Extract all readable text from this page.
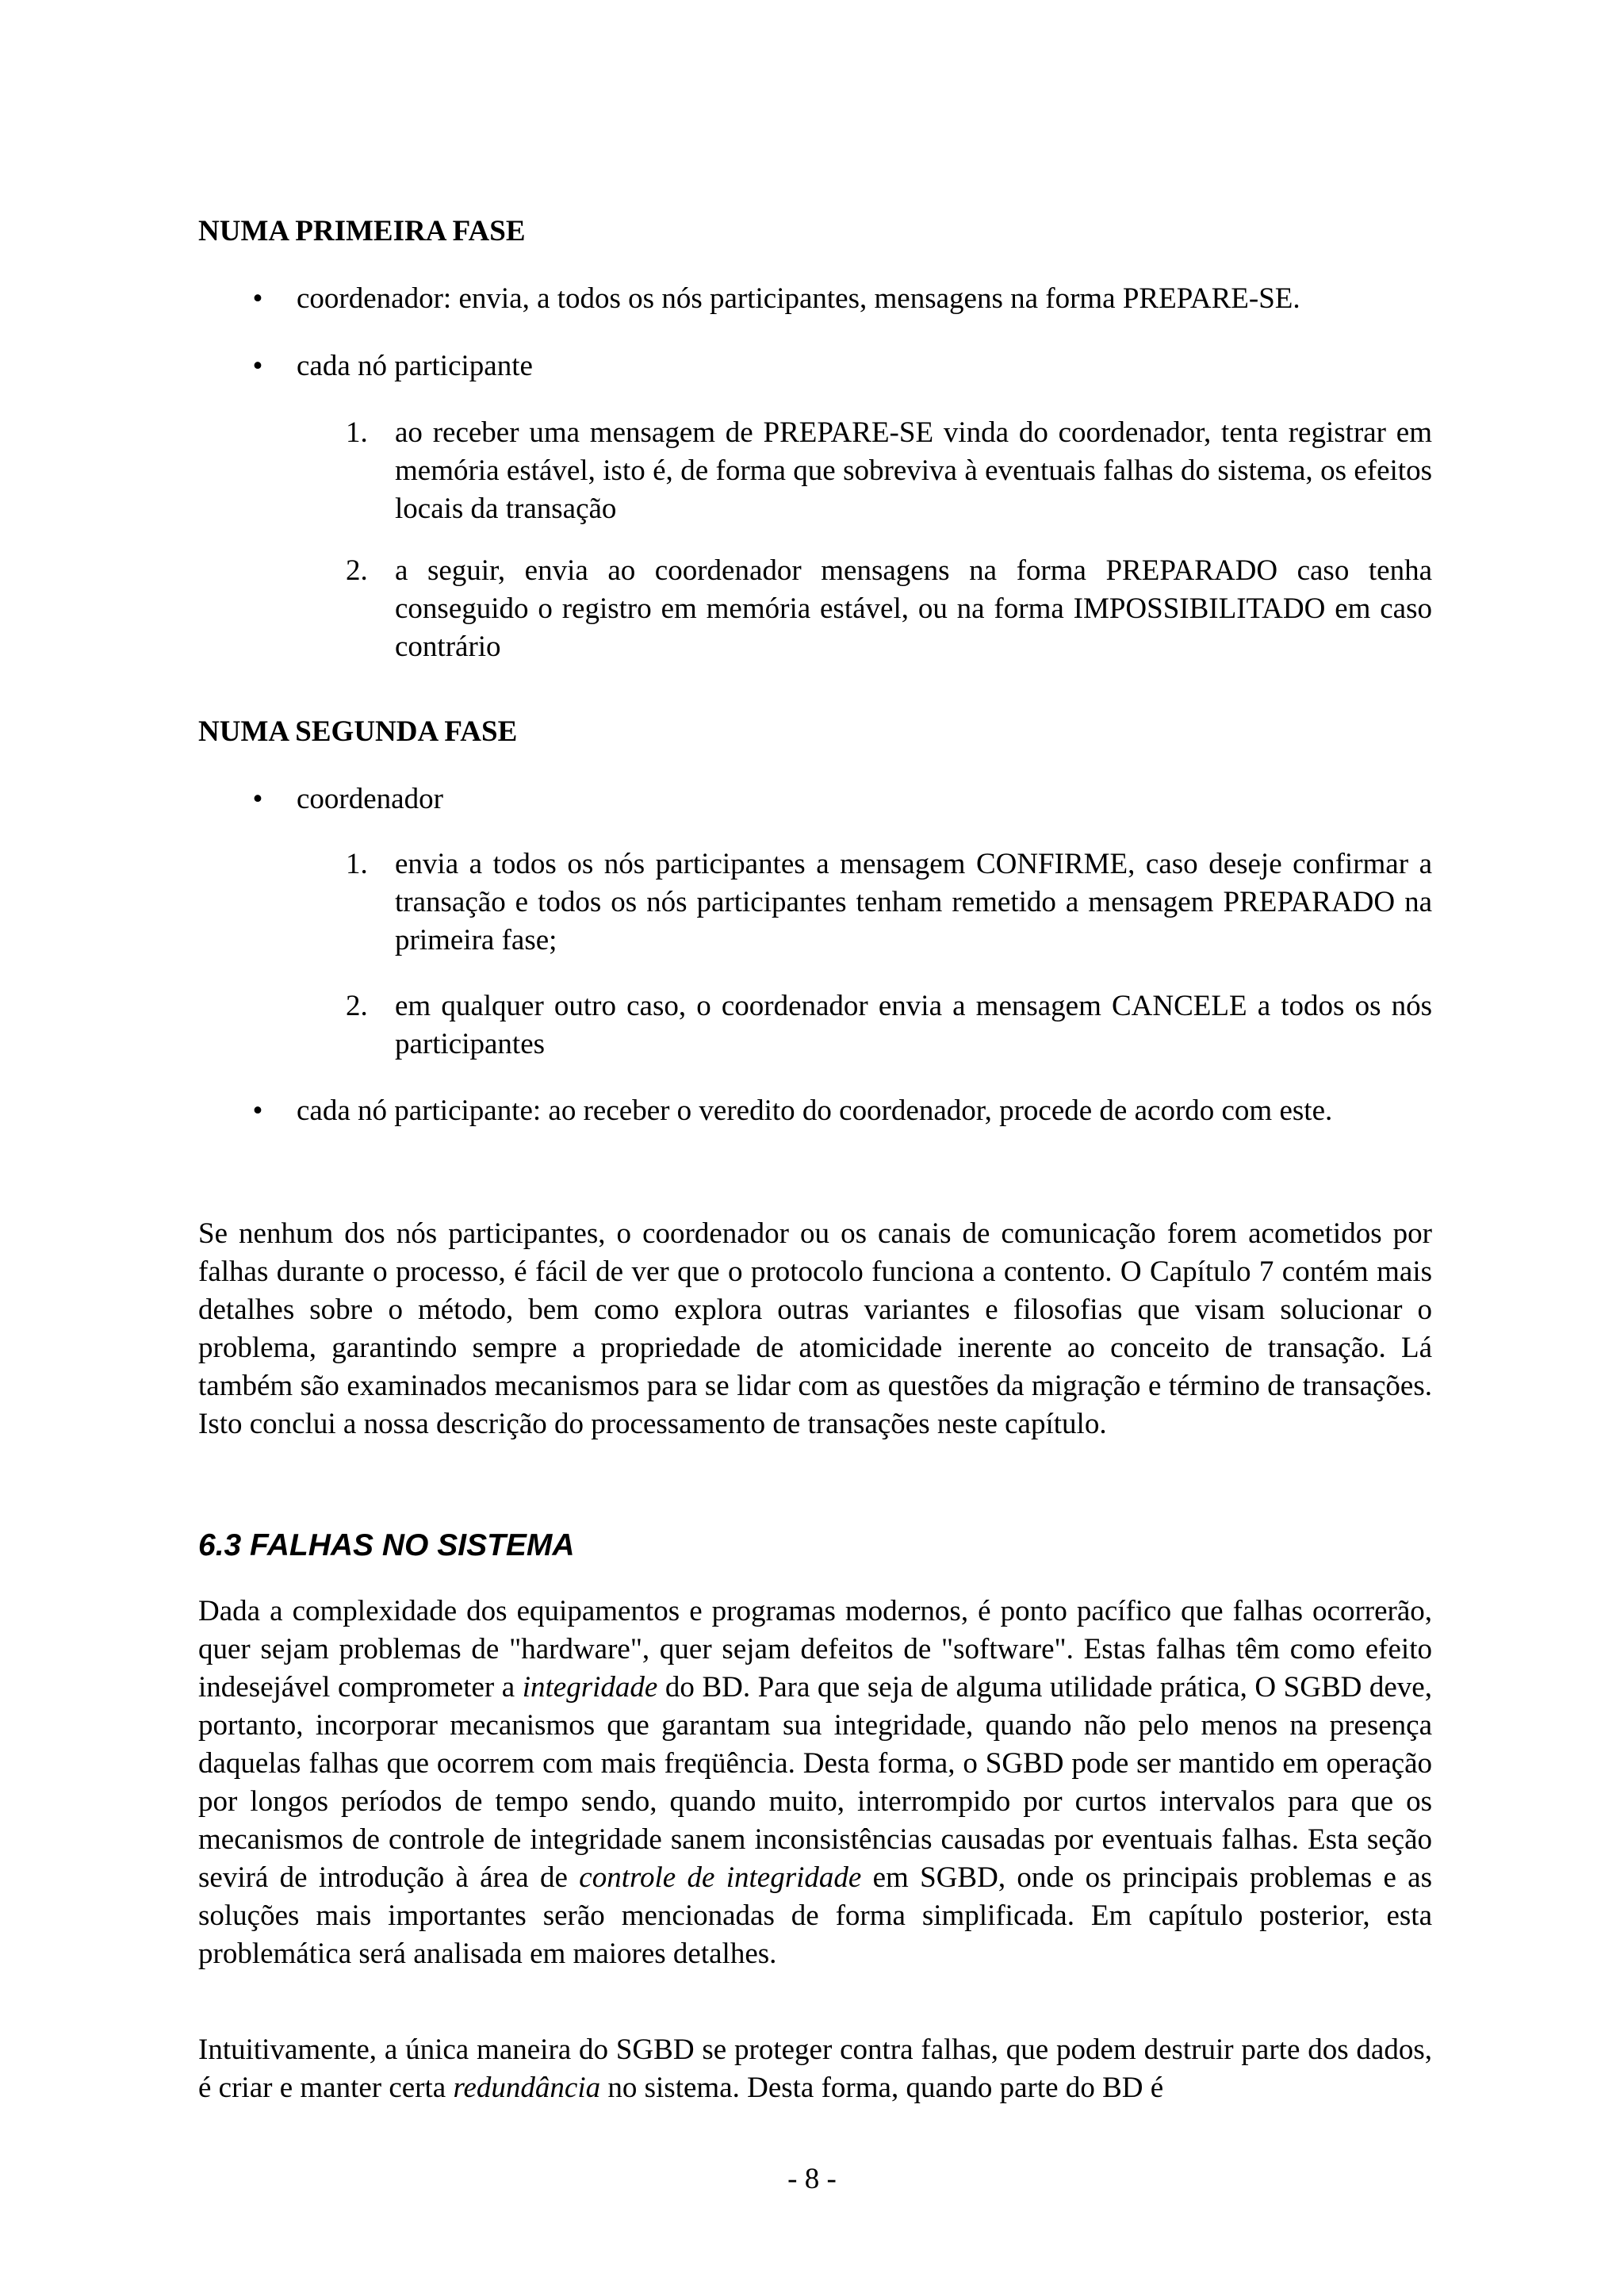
NUMA PRIMEIRA FASE

• coordenador: envia, a todos os nós participantes, mensagens na forma PREPARE-SE.
• cada nó participante
1. ao receber uma mensagem de PREPARE-SE vinda do coordenador, tenta registrar em memória estável, isto é, de forma que sobreviva à eventuais falhas do sistema, os efeitos locais da transação
2. a seguir, envia ao coordenador mensagens na forma PREPARADO caso tenha conseguido o registro em memória estável, ou na forma IMPOSSIBILITADO em caso contrário

NUMA SEGUNDA FASE

• coordenador
1. envia a todos os nós participantes a mensagem CONFIRME, caso deseje confirmar a transação e todos os nós participantes tenham remetido a mensagem PREPARADO na primeira fase;
2. em qualquer outro caso, o coordenador envia a mensagem CANCELE a todos os nós participantes
• cada nó participante: ao receber o veredito do coordenador, procede de acordo com este.

Se nenhum dos nós participantes, o coordenador ou os canais de comunicação forem acometidos por falhas durante o processo, é fácil de ver que o protocolo funciona a contento. O Capítulo 7 contém mais detalhes sobre o método, bem como explora outras variantes e filosofias que visam solucionar o problema, garantindo sempre a propriedade de atomicidade inerente ao conceito de transação. Lá também são examinados mecanismos para se lidar com as questões da migração e término de transações. Isto conclui a nossa descrição do processamento de transações neste capítulo.

6.3 FALHAS NO SISTEMA

Dada a complexidade dos equipamentos e programas modernos, é ponto pacífico que falhas ocorrerão, quer sejam problemas de "hardware", quer sejam defeitos de "software". Estas falhas têm como efeito indesejável comprometer a integridade do BD. Para que seja de alguma utilidade prática, O SGBD deve, portanto, incorporar mecanismos que garantam sua integridade, quando não pelo menos na presença daquelas falhas que ocorrem com mais freqüência. Desta forma, o SGBD pode ser mantido em operação por longos períodos de tempo sendo, quando muito, interrompido por curtos intervalos para que os mecanismos de controle de integridade sanem inconsistências causadas por eventuais falhas. Esta seção sevirá de introdução à área de controle de integridade em SGBD, onde os principais problemas e as soluções mais importantes serão mencionadas de forma simplificada. Em capítulo posterior, esta problemática será analisada em maiores detalhes.

Intuitivamente, a única maneira do SGBD se proteger contra falhas, que podem destruir parte dos dados, é criar e manter certa redundância no sistema. Desta forma, quando parte do BD é

- 8 -
